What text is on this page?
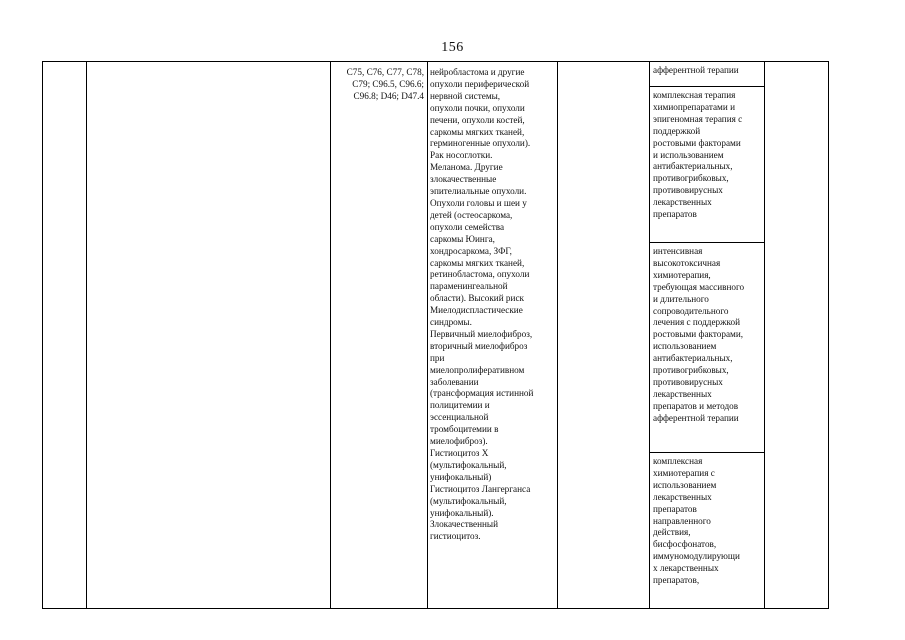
156
С75, С76, С77, С78,
С79; С96.5, С96.6;
С96.8; D46; D47.4
нейробластома и другие
опухоли периферической
нервной системы,
опухоли почки, опухоли
печени, опухоли костей,
саркомы мягких тканей,
герминогенные опухоли).
Рак носоглотки.
Меланома. Другие
злокачественные
эпителиальные опухоли.
Опухоли головы и шеи у
детей (остеосаркома,
опухоли семейства
саркомы Юинга,
хондросаркома, ЗФГ,
саркомы мягких тканей,
ретинобластома, опухоли
параменингеальной
области). Высокий риск
Миелодиспластические
синдромы.
Первичный миелофиброз,
вторичный миелофиброз
при
миелопролиферативном
заболевании
(трансформация истинной
полицитемии и
эссенциальной
тромбоцитемии в
миелофиброз).
Гистиоцитоз Х
(мультифокальный,
унифокальный)
Гистиоцитоз Лангерганса
(мультифокальный,
унифокальный).
Злокачественный
гистиоцитоз.
афферентной терапии
комплексная терапия
химиопрепаратами и
эпигеномная терапия с
поддержкой
ростовыми факторами
и использованием
антибактериальных,
противогрибковых,
противовирусных
лекарственных
препаратов
интенсивная
высокотоксичная
химиотерапия,
требующая массивного
и длительного
сопроводительного
лечения с поддержкой
ростовыми факторами,
использованием
антибактериальных,
противогрибковых,
противовирусных
лекарственных
препаратов и методов
афферентной терапии
комплексная
химиотерапия с
использованием
лекарственных
препаратов
направленного
действия,
бисфосфонатов,
иммуномодулирующи
х лекарственных
препаратов,
